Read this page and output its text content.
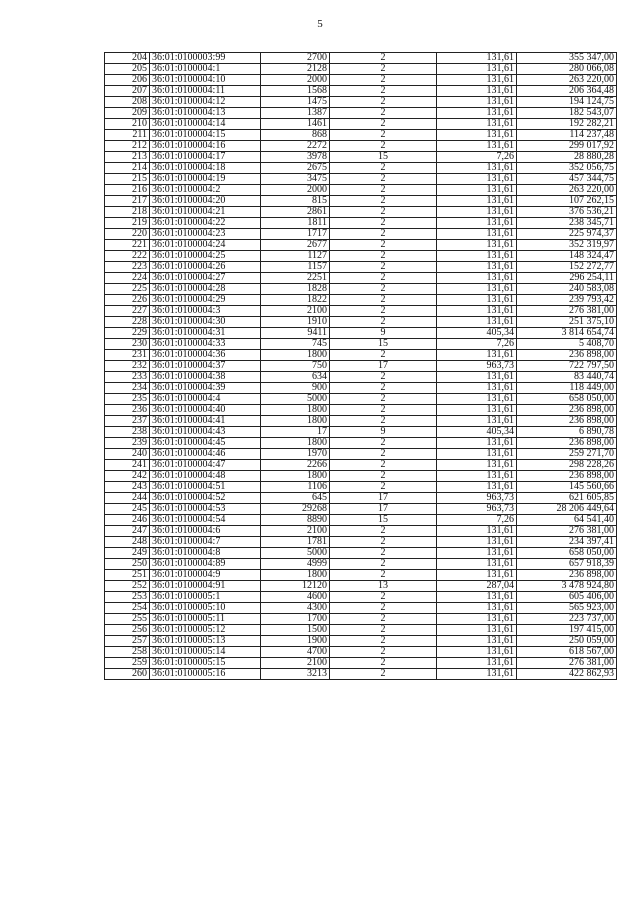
5
204	36:01:0100003:99	2700	2	131,61	355 347,00
205	36:01:0100004:1	2128	2	131,61	280 066,08
206	36:01:0100004:10	2000	2	131,61	263 220,00
207	36:01:0100004:11	1568	2	131,61	206 364,48
208	36:01:0100004:12	1475	2	131,61	194 124,75
209	36:01:0100004:13	1387	2	131,61	182 543,07
210	36:01:0100004:14	1461	2	131,61	192 282,21
211	36:01:0100004:15	868	2	131,61	114 237,48
212	36:01:0100004:16	2272	2	131,61	299 017,92
213	36:01:0100004:17	3978	15	7,26	28 880,28
214	36:01:0100004:18	2675	2	131,61	352 056,75
215	36:01:0100004:19	3475	2	131,61	457 344,75
216	36:01:0100004:2	2000	2	131,61	263 220,00
217	36:01:0100004:20	815	2	131,61	107 262,15
218	36:01:0100004:21	2861	2	131,61	376 536,21
219	36:01:0100004:22	1811	2	131,61	238 345,71
220	36:01:0100004:23	1717	2	131,61	225 974,37
221	36:01:0100004:24	2677	2	131,61	352 319,97
222	36:01:0100004:25	1127	2	131,61	148 324,47
223	36:01:0100004:26	1157	2	131,61	152 272,77
224	36:01:0100004:27	2251	2	131,61	296 254,11
225	36:01:0100004:28	1828	2	131,61	240 583,08
226	36:01:0100004:29	1822	2	131,61	239 793,42
227	36:01:0100004:3	2100	2	131,61	276 381,00
228	36:01:0100004:30	1910	2	131,61	251 375,10
229	36:01:0100004:31	9411	9	405,34	3 814 654,74
230	36:01:0100004:33	745	15	7,26	5 408,70
231	36:01:0100004:36	1800	2	131,61	236 898,00
232	36:01:0100004:37	750	17	963,73	722 797,50
233	36:01:0100004:38	634	2	131,61	83 440,74
234	36:01:0100004:39	900	2	131,61	118 449,00
235	36:01:0100004:4	5000	2	131,61	658 050,00
236	36:01:0100004:40	1800	2	131,61	236 898,00
237	36:01:0100004:41	1800	2	131,61	236 898,00
238	36:01:0100004:43	17	9	405,34	6 890,78
239	36:01:0100004:45	1800	2	131,61	236 898,00
240	36:01:0100004:46	1970	2	131,61	259 271,70
241	36:01:0100004:47	2266	2	131,61	298 228,26
242	36:01:0100004:48	1800	2	131,61	236 898,00
243	36:01:0100004:51	1106	2	131,61	145 560,66
244	36:01:0100004:52	645	17	963,73	621 605,85
245	36:01:0100004:53	29268	17	963,73	28 206 449,64
246	36:01:0100004:54	8890	15	7,26	64 541,40
247	36:01:0100004:6	2100	2	131,61	276 381,00
248	36:01:0100004:7	1781	2	131,61	234 397,41
249	36:01:0100004:8	5000	2	131,61	658 050,00
250	36:01:0100004:89	4999	2	131,61	657 918,39
251	36:01:0100004:9	1800	2	131,61	236 898,00
252	36:01:0100004:91	12120	13	287,04	3 478 924,80
253	36:01:0100005:1	4600	2	131,61	605 406,00
254	36:01:0100005:10	4300	2	131,61	565 923,00
255	36:01:0100005:11	1700	2	131,61	223 737,00
256	36:01:0100005:12	1500	2	131,61	197 415,00
257	36:01:0100005:13	1900	2	131,61	250 059,00
258	36:01:0100005:14	4700	2	131,61	618 567,00
259	36:01:0100005:15	2100	2	131,61	276 381,00
260	36:01:0100005:16	3213	2	131,61	422 862,93
